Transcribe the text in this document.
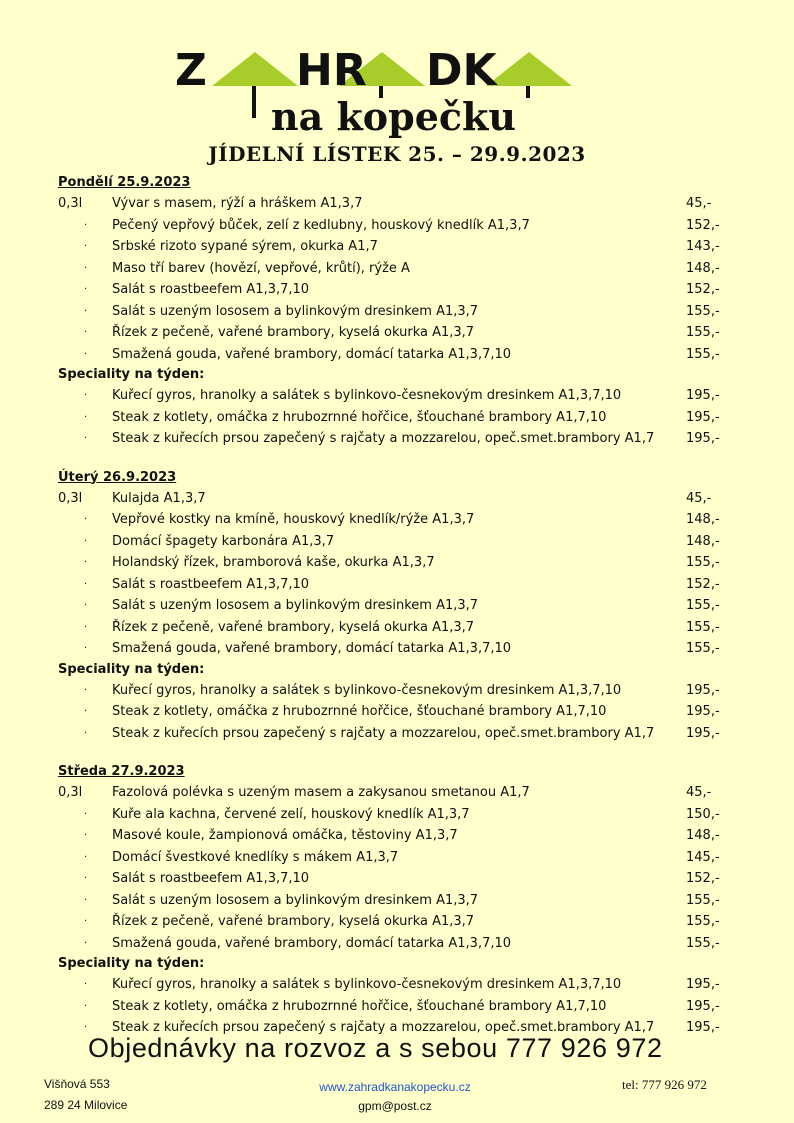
Z HR DK
na kopečku
JÍDELNÍ LÍSTEK 25. – 29.9.2023
Pondělí 25.9.2023
0,3l Vývar s masem, rýží a hráškem A1,3,7	45,-
· Pečený vepřový bůček, zelí z kedlubny, houskový knedlík A1,3,7	152,-
· Srbské rizoto sypané sýrem, okurka A1,7	143,-
· Maso tří barev (hovězí, vepřové, krůtí), rýže A	148,-
· Salát s roastbeefem A1,3,7,10	152,-
· Salát s uzeným lososem a bylinkovým dresinkem A1,3,7	155,-
· Řízek z pečeně, vařené brambory, kyselá okurka A1,3,7	155,-
· Smažená gouda, vařené brambory, domácí tatarka A1,3,7,10	155,-
Speciality na týden:
· Kuřecí gyros, hranolky a salátek s bylinkovo-česnekovým dresinkem A1,3,7,10	195,-
· Steak z kotlety, omáčka z hrubozrnné hořčice, šťouchané brambory A1,7,10	195,-
· Steak z kuřecích prsou zapečený s rajčaty a mozzarelou, opeč.smet.brambory A1,7 195,-
Úterý 26.9.2023
0,3l Kulajda A1,3,7	45,-
· Vepřové kostky na kmíně, houskový knedlík/rýže A1,3,7	148,-
· Domácí špagety karbonára A1,3,7	148,-
· Holandský řízek, bramborová kaše, okurka A1,3,7	155,-
· Salát s roastbeefem A1,3,7,10	152,-
· Salát s uzeným lososem a bylinkovým dresinkem A1,3,7	155,-
· Řízek z pečeně, vařené brambory, kyselá okurka A1,3,7	155,-
· Smažená gouda, vařené brambory, domácí tatarka A1,3,7,10	155,-
Speciality na týden:
· Kuřecí gyros, hranolky a salátek s bylinkovo-česnekovým dresinkem A1,3,7,10	195,-
· Steak z kotlety, omáčka z hrubozrnné hořčice, šťouchané brambory A1,7,10	195,-
· Steak z kuřecích prsou zapečený s rajčaty a mozzarelou, opeč.smet.brambory A1,7 195,-
Středa 27.9.2023
0,3l Fazolová polévka s uzeným masem a zakysanou smetanou A1,7	45,-
· Kuře ala kachna, červené zelí, houskový knedlík A1,3,7	150,-
· Masové koule, žampionová omáčka, těstoviny A1,3,7	148,-
· Domácí švestkové knedlíky s mákem A1,3,7	145,-
· Salát s roastbeefem A1,3,7,10	152,-
· Salát s uzeným lososem a bylinkovým dresinkem A1,3,7	155,-
· Řízek z pečeně, vařené brambory, kyselá okurka A1,3,7	155,-
· Smažená gouda, vařené brambory, domácí tatarka A1,3,7,10	155,-
Speciality na týden:
· Kuřecí gyros, hranolky a salátek s bylinkovo-česnekovým dresinkem A1,3,7,10	195,-
· Steak z kotlety, omáčka z hrubozrnné hořčice, šťouchané brambory A1,7,10	195,-
· Steak z kuřecích prsou zapečený s rajčaty a mozzarelou, opeč.smet.brambory A1,7 195,-
Objednávky na rozvoz a s sebou 777 926 972
Višňová 553
289 24 Milovice
www.zahradkanakopecku.cz
gpm@post.cz
tel: 777 926 972
